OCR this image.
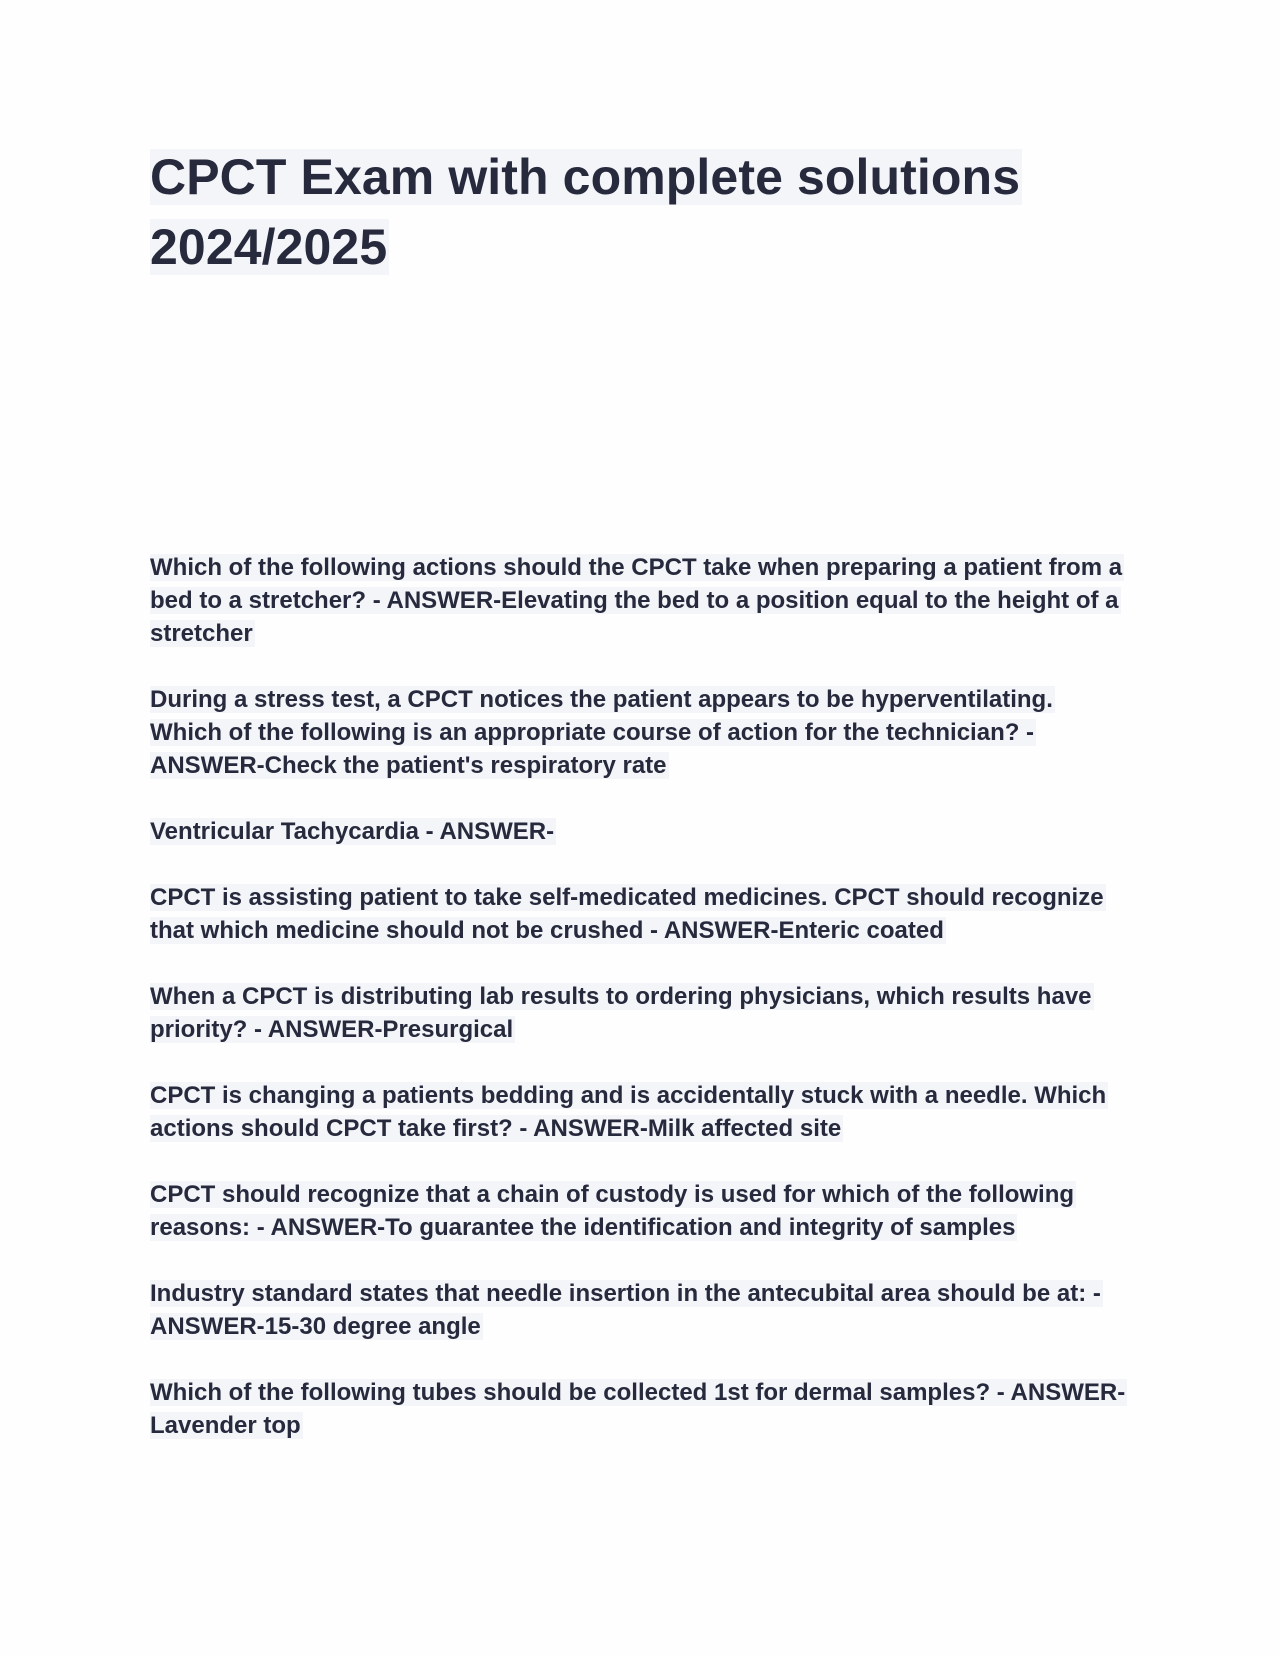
CPCT Exam with complete solutions 2024/2025
Which of the following actions should the CPCT take when preparing a patient from a bed to a stretcher? - ANSWER-Elevating the bed to a position equal to the height of a stretcher
During a stress test, a CPCT notices the patient appears to be hyperventilating. Which of the following is an appropriate course of action for the technician? - ANSWER-Check the patient's respiratory rate
Ventricular Tachycardia - ANSWER-
CPCT is assisting patient to take self-medicated medicines. CPCT should recognize that which medicine should not be crushed - ANSWER-Enteric coated
When a CPCT is distributing lab results to ordering physicians, which results have priority? - ANSWER-Presurgical
CPCT is changing a patients bedding and is accidentally stuck with a needle. Which actions should CPCT take first? - ANSWER-Milk affected site
CPCT should recognize that a chain of custody is used for which of the following reasons: - ANSWER-To guarantee the identification and integrity of samples
Industry standard states that needle insertion in the antecubital area should be at: - ANSWER-15-30 degree angle
Which of the following tubes should be collected 1st for dermal samples? - ANSWER-Lavender top
